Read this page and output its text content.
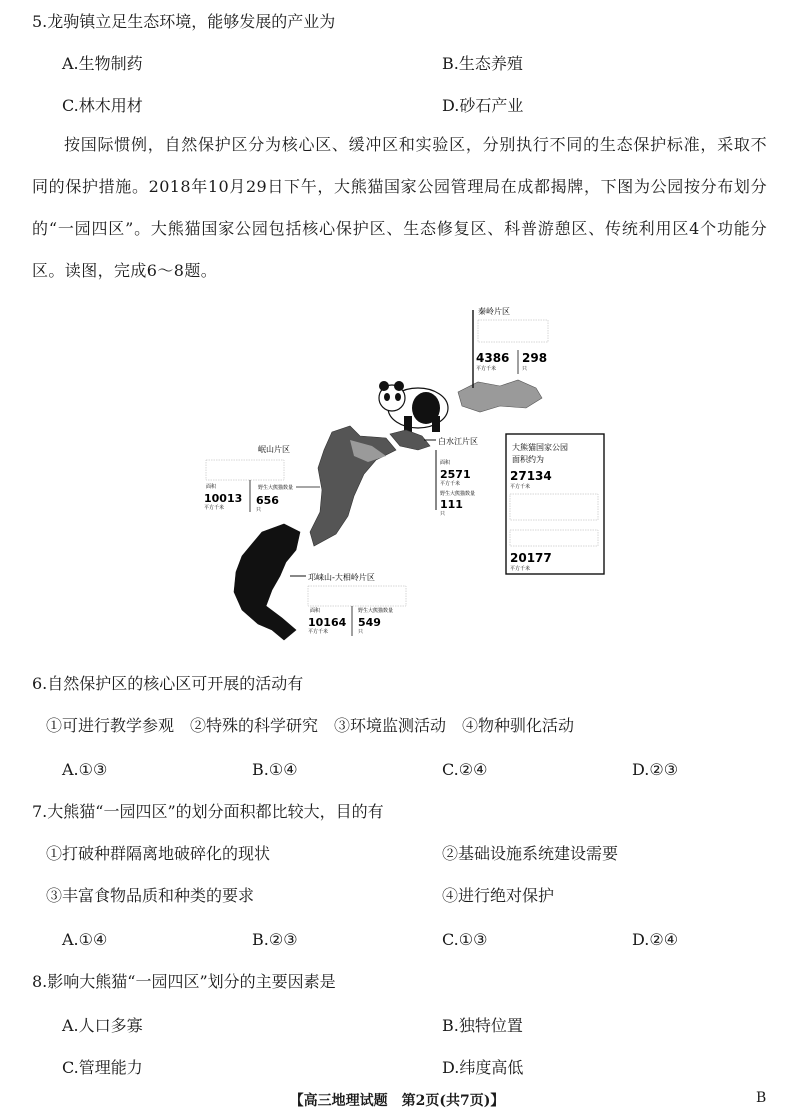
5.龙驹镇立足生态环境，能够发展的产业为
A.生物制药	B.生态养殖
C.林木用材	D.砂石产业
按国际惯例，自然保护区分为核心区、缓冲区和实验区，分别执行不同的生态保护标准，采取不同的保护措施。2018年10月29日下午，大熊猫国家公园管理局在成都揭牌，下图为公园按分布划分的“一园四区”。大熊猫国家公园包括核心保护区、生态修复区、科普游憩区、传统利用区4个功能分区。读图，完成6～8题。
秦岭片区
4386
平方千米
298
只
白水江片区
面积
2571
平方千米
野生大熊猫数量
111
只
岷山片区
面积
10013
平方千米
野生大熊猫数量
656
只
邛崃山-大相岭片区
面积
10164
平方千米
野生大熊猫数量
549
只
大熊猫国家公园
面积约为
27134
平方千米
20177
平方千米
6.自然保护区的核心区可开展的活动有
①可进行教学参观　②特殊的科学研究　③环境监测活动　④物种驯化活动
A.①③	B.①④	C.②④	D.②③
7.大熊猫“一园四区”的划分面积都比较大，目的有
①打破种群隔离地破碎化的现状	②基础设施系统建设需要
③丰富食物品质和种类的要求	④进行绝对保护
A.①④	B.②③	C.①③	D.②④
8.影响大熊猫“一园四区”划分的主要因素是
A.人口多寡	B.独特位置
C.管理能力	D.纬度高低
【高三地理试题　第2页(共7页)】	B
